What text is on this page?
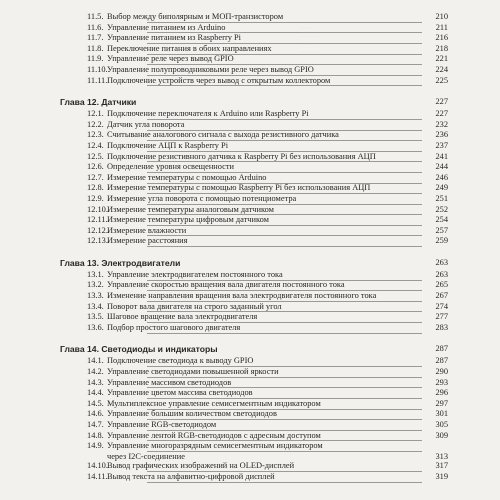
·····
·········
······
··········
11.5. Выбор между биполярным и МОП-транзистором	210
11.6. Управление питанием из Arduino	211
11.7. Управление питанием из Raspberry Pi	216
11.8. Переключение питания в обоих направлениях	218
11.9. Управление реле через вывод GPIO	221
11.10. Управление полупроводниковыми реле через вывод GPIO	224
11.11. Подключение устройств через вывод с открытым коллектором	225
Глава 12. Датчики	227
12.1. Подключение переключателя к Arduino или Raspberry Pi	227
12.2. Датчик угла поворота	232
12.3. Считывание аналогового сигнала с выхода резистивного датчика	236
12.4. Подключение АЦП к Raspberry Pi	237
12.5. Подключение резистивного датчика к Raspberry Pi без использования АЦП	241
12.6. Определение уровня освещенности	244
12.7. Измерение температуры с помощью Arduino	246
12.8. Измерение температуры с помощью Raspberry Pi без использования АЦП	249
12.9. Измерение угла поворота с помощью потенциометра	251
12.10. Измерение температуры аналоговым датчиком	252
12.11. Измерение температуры цифровым датчиком	254
12.12. Измерение влажности	257
12.13. Измерение расстояния	259
Глава 13. Электродвигатели	263
13.1. Управление электродвигателем постоянного тока	263
13.2. Управление скоростью вращения вала двигателя постоянного тока	265
13.3. Изменение направления вращения вала электродвигателя постоянного тока	267
13.4. Поворот вала двигателя на строго заданный угол	274
13.5. Шаговое вращение вала электродвигателя	277
13.6. Подбор простого шагового двигателя	283
Глава 14. Светодиоды и индикаторы	287
14.1. Подключение светодиода к выводу GPIO	287
14.2. Управление светодиодами повышенной яркости	290
14.3. Управление массивом светодиодов	293
14.4. Управление цветом массива светодиодов	296
14.5. Мультиплексное управление семисегментным индикатором	297
14.6. Управление большим количеством светодиодов	301
14.7. Управление RGB-светодиодом	305
14.8. Управление лентой RGB-светодиодов с адресным доступом	309
14.9. Управление многоразрядным семисегментным индикатором
через I2C-соединение	313
14.10. Вывод графических изображений на OLED-дисплей	317
14.11. Вывод текста на алфавитно-цифровой дисплей	319
